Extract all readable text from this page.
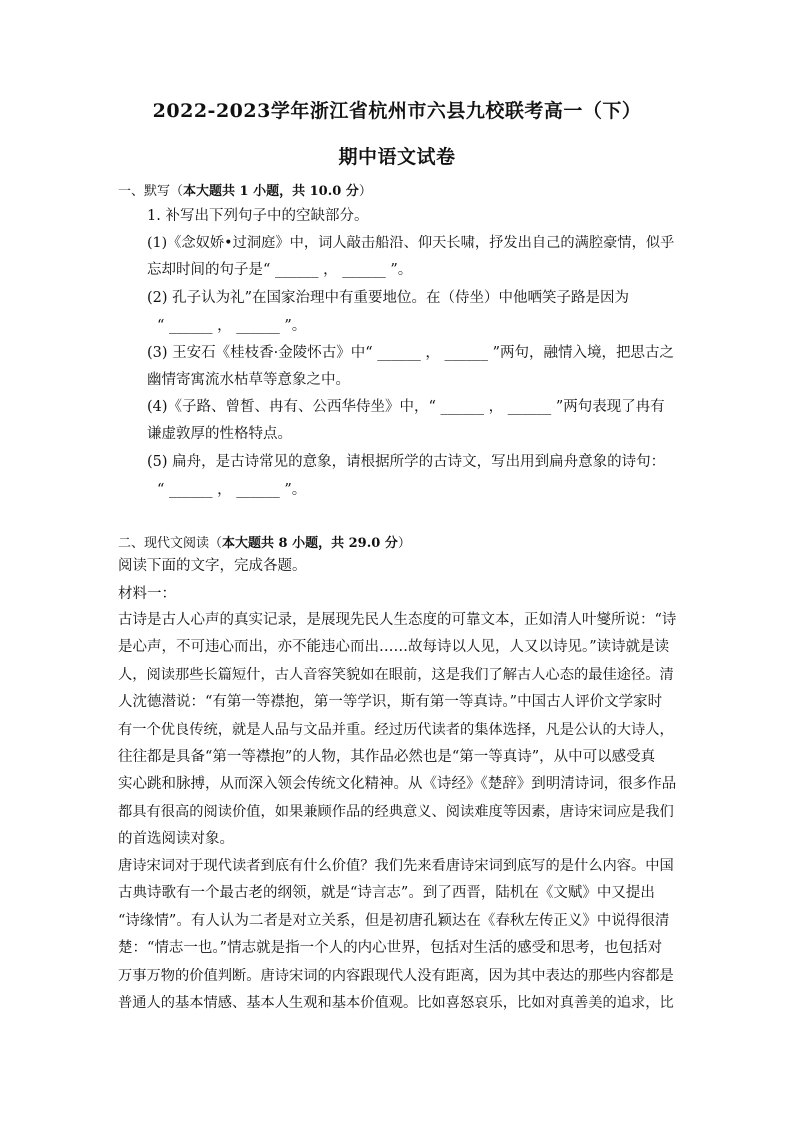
2022-2023学年浙江省杭州市六县九校联考高一（下）
期中语文试卷
一、默写（本大题共 1 小题，共 10.0 分）
1. 补写出下列句子中的空缺部分。
(1)《念奴娇•过洞庭》中，词人敲击船沿、仰天长啸，抒发出自己的满腔豪情，似乎
忘却时间的句子是“ ______ ， ______ ”。
(2) 孔子认为礼”在国家治理中有重要地位。在（侍坐）中他哂笑子路是因为
“ ______ ， ______ ”。
(3) 王安石《桂枝香·金陵怀古》中“ ______ ， ______ ”两句，融情入境，把思古之
幽情寄寓流水枯草等意象之中。
(4)《子路、曾皙、冉有、公西华侍坐》中，“ ______ ， ______ ”两句表现了冉有
谦虚敦厚的性格特点。
(5) 扁舟，是古诗常见的意象，请根据所学的古诗文，写出用到扁舟意象的诗句：
“ ______ ， ______ ”。
二、现代文阅读（本大题共 8 小题，共 29.0 分）
阅读下面的文字，完成各题。
材料一：
古诗是古人心声的真实记录，是展现先民人生态度的可靠文本，正如清人叶燮所说：“诗
是心声，不可违心而出，亦不能违心而出……故每诗以人见，人又以诗见。”读诗就是读
人，阅读那些长篇短什，古人音容笑貌如在眼前，这是我们了解古人心态的最佳途径。清
人沈德潜说：“有第一等襟抱，第一等学识，斯有第一等真诗。”中国古人评价文学家时
有一个优良传统，就是人品与文品并重。经过历代读者的集体选择，凡是公认的大诗人，
往往都是具备“第一等襟抱”的人物，其作品必然也是“第一等真诗”，从中可以感受真
实心跳和脉搏，从而深入领会传统文化精神。从《诗经》《楚辞》到明清诗词，很多作品
都具有很高的阅读价值，如果兼顾作品的经典意义、阅读难度等因素，唐诗宋词应是我们
的首选阅读对象。
唐诗宋词对于现代读者到底有什么价值？我们先来看唐诗宋词到底写的是什么内容。中国
古典诗歌有一个最古老的纲领，就是“诗言志”。到了西晋，陆机在《文赋》中又提出
“诗缘情”。有人认为二者是对立关系，但是初唐孔颖达在《春秋左传正义》中说得很清
楚：“情志一也。”情志就是指一个人的内心世界，包括对生活的感受和思考，也包括对
万事万物的价值判断。唐诗宋词的内容跟现代人没有距离，因为其中表达的那些内容都是
普通人的基本情感、基本人生观和基本价值观。比如喜怒哀乐，比如对真善美的追求，比
